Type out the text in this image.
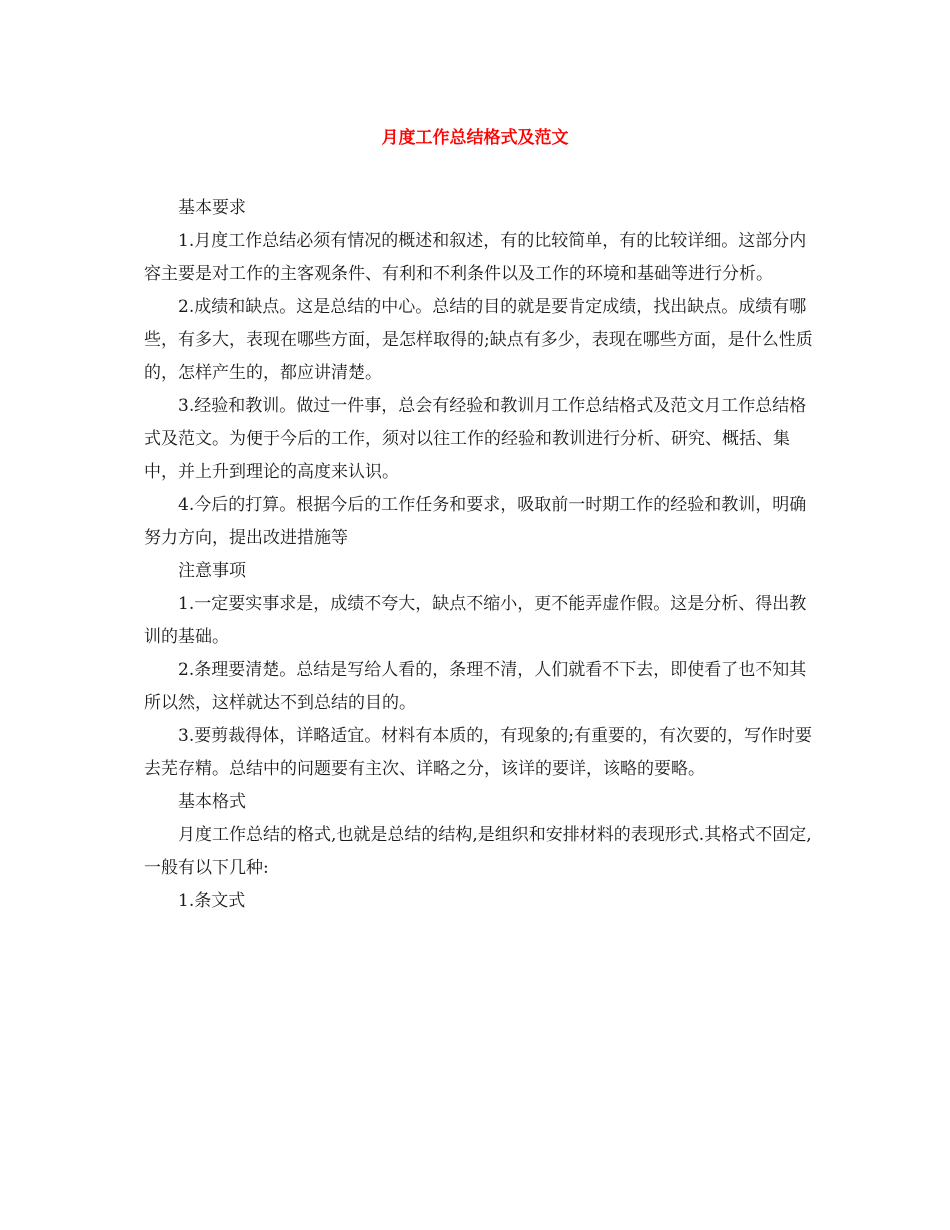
月度工作总结格式及范文

基本要求

1.月度工作总结必须有情况的概述和叙述，有的比较简单，有的比较详细。这部分内容主要是对工作的主客观条件、有利和不利条件以及工作的环境和基础等进行分析。

2.成绩和缺点。这是总结的中心。总结的目的就是要肯定成绩，找出缺点。成绩有哪些，有多大，表现在哪些方面，是怎样取得的;缺点有多少，表现在哪些方面，是什么性质的，怎样产生的，都应讲清楚。

3.经验和教训。做过一件事，总会有经验和教训月工作总结格式及范文月工作总结格式及范文。为便于今后的工作，须对以往工作的经验和教训进行分析、研究、概括、集中，并上升到理论的高度来认识。

4.今后的打算。根据今后的工作任务和要求，吸取前一时期工作的经验和教训，明确努力方向，提出改进措施等

注意事项

1.一定要实事求是，成绩不夸大，缺点不缩小，更不能弄虚作假。这是分析、得出教训的基础。

2.条理要清楚。总结是写给人看的，条理不清，人们就看不下去，即使看了也不知其所以然，这样就达不到总结的目的。

3.要剪裁得体，详略适宜。材料有本质的，有现象的;有重要的，有次要的，写作时要去芜存精。总结中的问题要有主次、详略之分，该详的要详，该略的要略。

基本格式

月度工作总结的格式,也就是总结的结构,是组织和安排材料的表现形式.其格式不固定,一般有以下几种:

1.条文式
